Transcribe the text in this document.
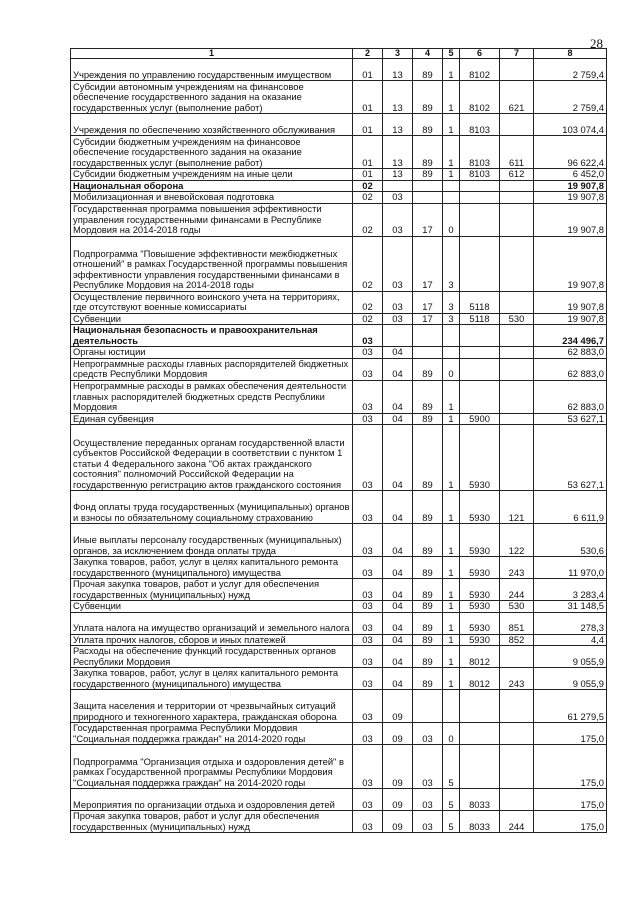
28
1	2	3	4	5	6	7	8
Учреждения по управлению государственным имуществом	01	13	89	1	8102		2 759,4
Субсидии автономным учреждениям на финансовое обеспечение государственного задания на оказание государственных услуг (выполнение работ)	01	13	89	1	8102	621	2 759,4
Учреждения по обеспечению хозяйственного обслуживания	01	13	89	1	8103		103 074,4
Субсидии бюджетным учреждениям на финансовое обеспечение государственного задания на оказание государственных услуг (выполнение работ)	01	13	89	1	8103	611	96 622,4
Субсидии бюджетным учреждениям на иные цели	01	13	89	1	8103	612	6 452,0
Национальная оборона	02						19 907,8
Мобилизационная и вневойсковая подготовка	02	03					19 907,8
Государственная программа повышения эффективности управления государственными финансами в Республике Мордовия на 2014-2018 годы	02	03	17	0			19 907,8
Подпрограмма "Повышение эффективности межбюджетных отношений" в рамках Государственной программы повышения эффективности управления государственными финансами в Республике Мордовия на 2014-2018 годы	02	03	17	3			19 907,8
Осуществление первичного воинского учета на территориях, где отсутствуют военные комиссариаты	02	03	17	3	5118		19 907,8
Субвенции	02	03	17	3	5118	530	19 907,8
Национальная безопасность и правоохранительная деятельность	03						234 496,7
Органы юстиции	03	04					62 883,0
Непрограммные расходы главных распорядителей бюджетных средств Республики Мордовия	03	04	89	0			62 883,0
Непрограммные расходы в рамках обеспечения деятельности главных распорядителей бюджетных средств Республики Мордовия	03	04	89	1			62 883,0
Единая субвенция	03	04	89	1	5900		53 627,1
Осуществление переданных органам государственной власти субъектов Российской Федерации в соответствии с пунктом 1 статьи 4 Федерального закона "Об актах гражданского состояния" полномочий Российской Федерации на государственную регистрацию актов гражданского состояния	03	04	89	1	5930		53 627,1
Фонд оплаты труда государственных (муниципальных) органов и взносы по обязательному социальному страхованию	03	04	89	1	5930	121	6 611,9
Иные выплаты персоналу государственных (муниципальных) органов, за исключением фонда оплаты труда	03	04	89	1	5930	122	530,6
Закупка товаров, работ, услуг в целях капитального ремонта государственного (муниципального) имущества	03	04	89	1	5930	243	11 970,0
Прочая закупка товаров, работ и услуг для обеспечения государственных (муниципальных) нужд	03	04	89	1	5930	244	3 283,4
Субвенции	03	04	89	1	5930	530	31 148,5
Уплата налога на имущество организаций и земельного налога	03	04	89	1	5930	851	278,3
Уплата прочих налогов, сборов и иных платежей	03	04	89	1	5930	852	4,4
Расходы на обеспечение функций государственных органов Республики Мордовия	03	04	89	1	8012		9 055,9
Закупка товаров, работ, услуг в целях капитального ремонта государственного (муниципального) имущества	03	04	89	1	8012	243	9 055,9
Защита населения и территории от чрезвычайных ситуаций природного и техногенного характера, гражданская оборона	03	09					61 279,5
Государственная программа Республики Мордовия "Социальная поддержка граждан" на 2014-2020 годы	03	09	03	0			175,0
Подпрограмма "Организация отдыха и оздоровления детей" в рамках Государственной программы Республики Мордовия "Социальная поддержка граждан" на 2014-2020 годы	03	09	03	5			175,0
Мероприятия по организации отдыха и оздоровления детей	03	09	03	5	8033		175,0
Прочая закупка товаров, работ и услуг для обеспечения государственных (муниципальных) нужд	03	09	03	5	8033	244	175,0
